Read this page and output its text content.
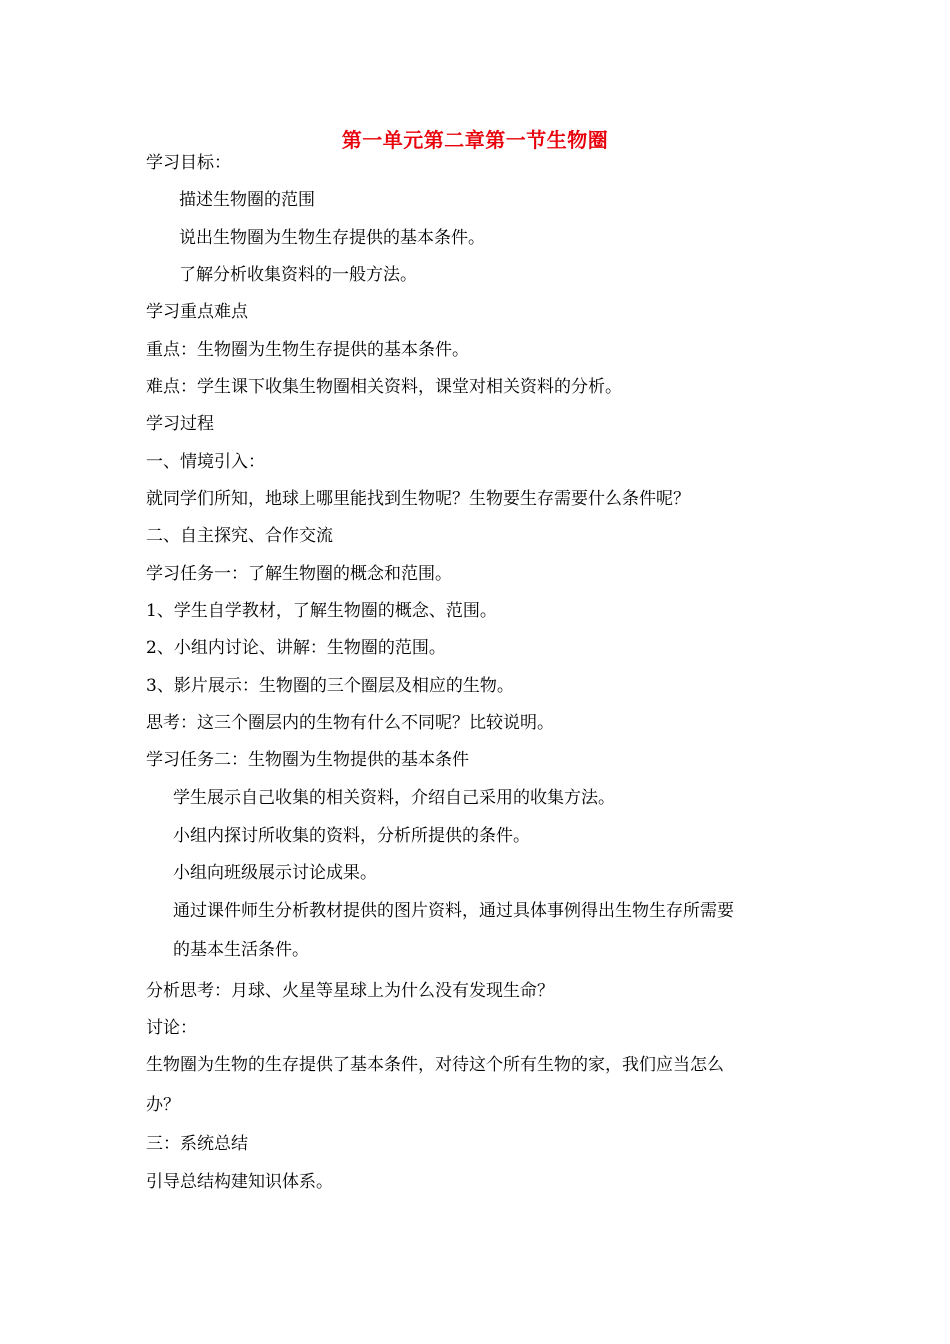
第一单元第二章第一节生物圈
学习目标：
描述生物圈的范围
说出生物圈为生物生存提供的基本条件。
了解分析收集资料的一般方法。
学习重点难点
重点：生物圈为生物生存提供的基本条件。
难点：学生课下收集生物圈相关资料，课堂对相关资料的分析。
学习过程
一、情境引入：
就同学们所知，地球上哪里能找到生物呢？生物要生存需要什么条件呢？
二、自主探究、合作交流
学习任务一：了解生物圈的概念和范围。
1、学生自学教材，了解生物圈的概念、范围。
2、小组内讨论、讲解：生物圈的范围。
3、影片展示：生物圈的三个圈层及相应的生物。
思考：这三个圈层内的生物有什么不同呢？比较说明。
学习任务二：生物圈为生物提供的基本条件
学生展示自己收集的相关资料，介绍自己采用的收集方法。
小组内探讨所收集的资料，分析所提供的条件。
小组向班级展示讨论成果。
通过课件师生分析教材提供的图片资料，通过具体事例得出生物生存所需要
的基本生活条件。
分析思考：月球、火星等星球上为什么没有发现生命？
讨论：
生物圈为生物的生存提供了基本条件，对待这个所有生物的家，我们应当怎么
办？
三：系统总结
引导总结构建知识体系。
